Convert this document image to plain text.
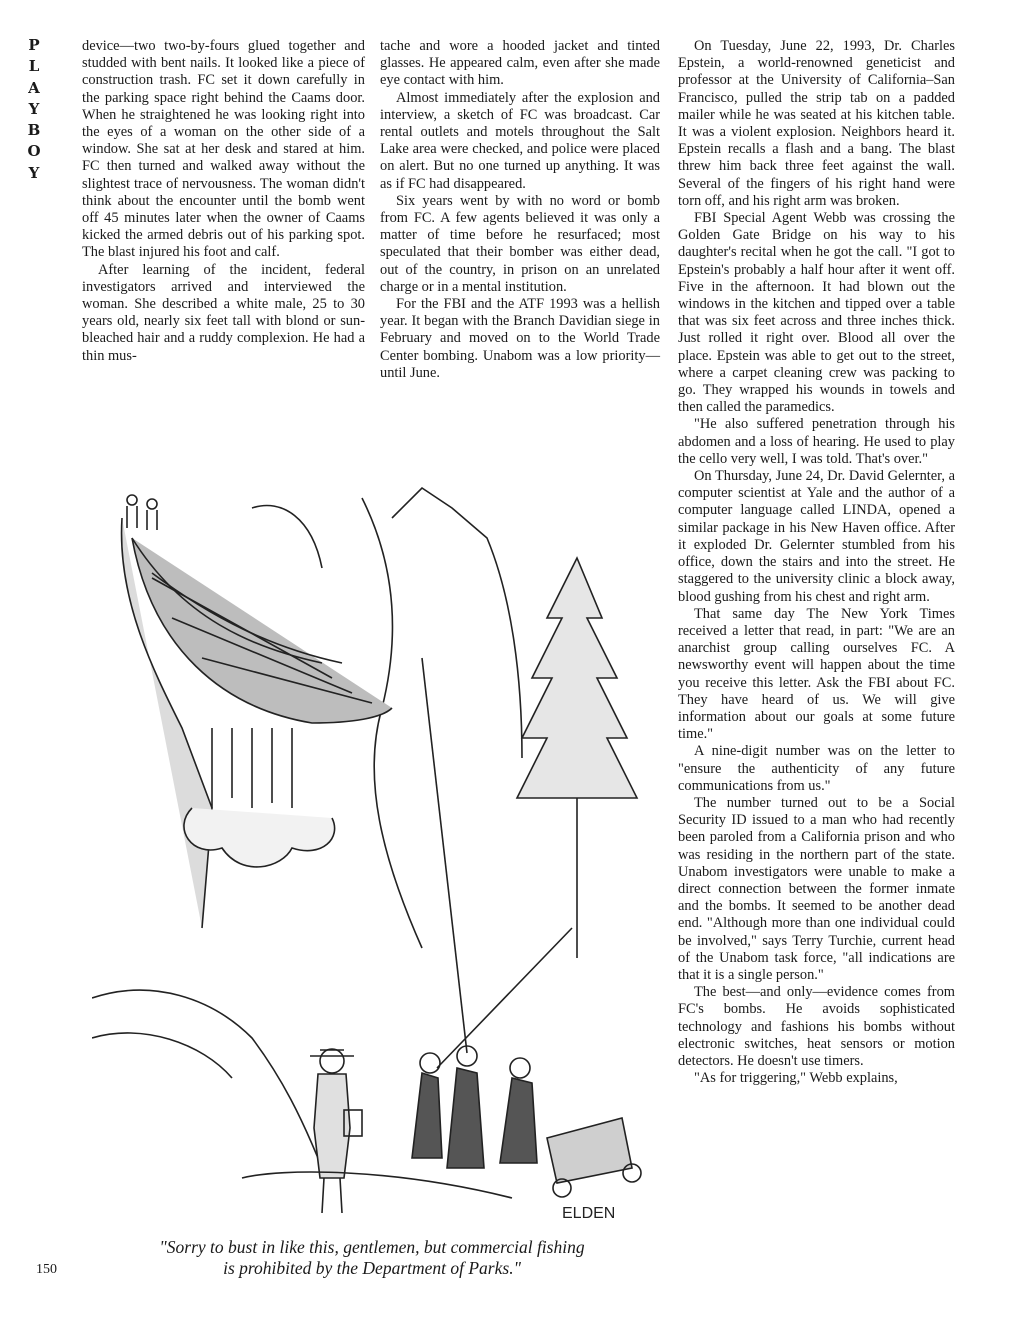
P
L
A
Y
B
O
Y

device—two two-by-fours glued together and studded with bent nails. It looked like a piece of construction trash. FC set it down carefully in the parking space right behind the Caams door. When he straightened he was looking right into the eyes of a woman on the other side of a window. She sat at her desk and stared at him. FC then turned and walked away without the slightest trace of nervousness. The woman didn't think about the encounter until the bomb went off 45 minutes later when the owner of Caams kicked the armed debris out of his parking spot. The blast injured his foot and calf.

After learning of the incident, federal investigators arrived and interviewed the woman. She described a white male, 25 to 30 years old, nearly six feet tall with blond or sun-bleached hair and a ruddy complexion. He had a thin mus-

tache and wore a hooded jacket and tinted glasses. He appeared calm, even after she made eye contact with him.

Almost immediately after the explosion and interview, a sketch of FC was broadcast. Car rental outlets and motels throughout the Salt Lake area were checked, and police were placed on alert. But no one turned up anything. It was as if FC had disappeared.

Six years went by with no word or bomb from FC. A few agents believed it was only a matter of time before he resurfaced; most speculated that their bomber was either dead, out of the country, in prison on an unrelated charge or in a mental institution.

For the FBI and the ATF 1993 was a hellish year. It began with the Branch Davidian siege in February and moved on to the World Trade Center bombing. Unabom was a low priority—until June.

On Tuesday, June 22, 1993, Dr. Charles Epstein, a world-renowned geneticist and professor at the University of California–San Francisco, pulled the strip tab on a padded mailer while he was seated at his kitchen table. It was a violent explosion. Neighbors heard it. Epstein recalls a flash and a bang. The blast threw him back three feet against the wall. Several of the fingers of his right hand were torn off, and his right arm was broken.

FBI Special Agent Webb was crossing the Golden Gate Bridge on his way to his daughter's recital when he got the call. "I got to Epstein's probably a half hour after it went off. Five in the afternoon. It had blown out the windows in the kitchen and tipped over a table that was six feet across and three inches thick. Just rolled it right over. Blood all over the place. Epstein was able to get out to the street, where a carpet cleaning crew was packing to go. They wrapped his wounds in towels and then called the paramedics.

"He also suffered penetration through his abdomen and a loss of hearing. He used to play the cello very well, I was told. That's over."

On Thursday, June 24, Dr. David Gelernter, a computer scientist at Yale and the author of a computer language called LINDA, opened a similar package in his New Haven office. After it exploded Dr. Gelernter stumbled from his office, down the stairs and into the street. He staggered to the university clinic a block away, blood gushing from his chest and right arm.

That same day The New York Times received a letter that read, in part: "We are an anarchist group calling ourselves FC. A newsworthy event will happen about the time you receive this letter. Ask the FBI about FC. They have heard of us. We will give information about our goals at some future time."

A nine-digit number was on the letter to "ensure the authenticity of any future communications from us."

The number turned out to be a Social Security ID issued to a man who had recently been paroled from a California prison and who was residing in the northern part of the state. Unabom investigators were unable to make a direct connection between the former inmate and the bombs. It seemed to be another dead end. "Although more than one individual could be involved," says Terry Turchie, current head of the Unabom task force, "all indications are that it is a single person."

The best—and only—evidence comes from FC's bombs. He avoids sophisticated technology and fashions his bombs without electronic switches, heat sensors or motion detectors. He doesn't use timers.

"As for triggering," Webb explains,

ELDEN
"Sorry to bust in like this, gentlemen, but commercial fishing
is prohibited by the Department of Parks."
150
